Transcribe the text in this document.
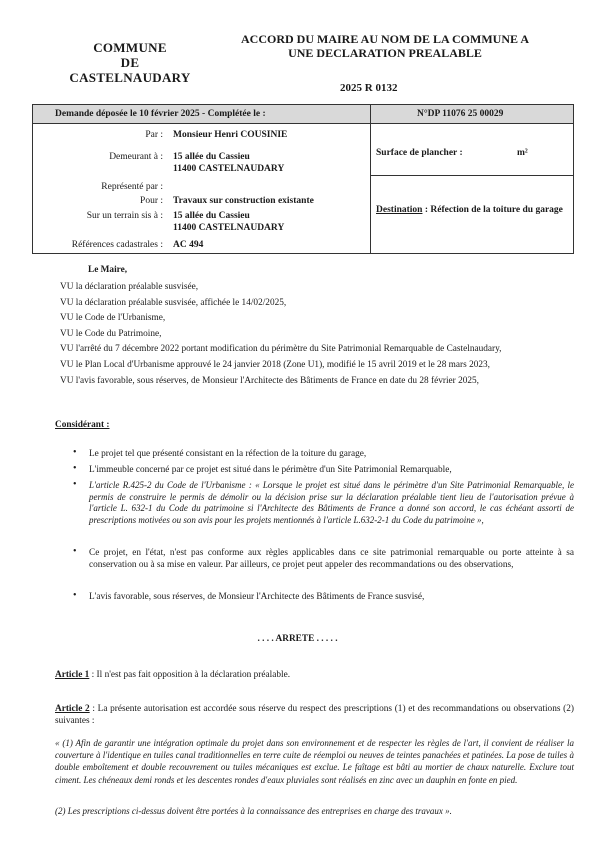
COMMUNE
DE
CASTELNAUDARY
ACCORD DU MAIRE AU NOM DE LA COMMUNE A
UNE DECLARATION PREALABLE
2025 R 0132
Demande déposée le 10 février 2025 - Complétée le :	N°DP 11076 25 00029
Par : Monsieur Henri COUSINIE
Demeurant à : 15 allée du Cassieu
11400 CASTELNAUDARY
Représenté par :
Pour : Travaux sur construction existante
Sur un terrain sis à : 15 allée du Cassieu
11400 CASTELNAUDARY
Références cadastrales : AC 494
Surface de plancher :	m²
Destination : Réfection de la toiture du garage
Le Maire,
VU la déclaration préalable susvisée,
VU la déclaration préalable susvisée, affichée le 14/02/2025,
VU le Code de l'Urbanisme,
VU le Code du Patrimoine,
VU l'arrêté du 7 décembre 2022 portant modification du périmètre du Site Patrimonial Remarquable de Castelnaudary,
VU le Plan Local d'Urbanisme approuvé le 24 janvier 2018 (Zone U1), modifié le 15 avril 2019 et le 28 mars 2023,
VU l'avis favorable, sous réserves, de Monsieur l'Architecte des Bâtiments de France en date du 28 février 2025,
Considérant :
• Le projet tel que présenté consistant en la réfection de la toiture du garage,
• L'immeuble concerné par ce projet est situé dans le périmètre d'un Site Patrimonial Remarquable,
• L'article R.425-2 du Code de l'Urbanisme : « Lorsque le projet est situé dans le périmètre d'un Site Patrimonial Remarquable, le permis de construire le permis de démolir ou la décision prise sur la déclaration préalable tient lieu de l'autorisation prévue à l'article L. 632-1 du Code du patrimoine si l'Architecte des Bâtiments de France a donné son accord, le cas échéant assorti de prescriptions motivées ou son avis pour les projets mentionnés à l'article L.632-2-1 du Code du patrimoine »,
• Ce projet, en l'état, n'est pas conforme aux règles applicables dans ce site patrimonial remarquable ou porte atteinte à sa conservation ou à sa mise en valeur. Par ailleurs, ce projet peut appeler des recommandations ou des observations,
• L'avis favorable, sous réserves, de Monsieur l'Architecte des Bâtiments de France susvisé,
. . . . ARRETE . . . . .
Article 1 : Il n'est pas fait opposition à la déclaration préalable.
Article 2 : La présente autorisation est accordée sous réserve du respect des prescriptions (1) et des recommandations ou observations (2) suivantes :
« (1) Afin de garantir une intégration optimale du projet dans son environnement et de respecter les règles de l'art, il convient de réaliser la couverture à l'identique en tuiles canal traditionnelles en terre cuite de réemploi ou neuves de teintes panachées et patinées. La pose de tuiles à double emboîtement et double recouvrement ou tuiles mécaniques est exclue. Le faîtage est bâti au mortier de chaux naturelle. Exclure tout ciment. Les chéneaux demi ronds et les descentes rondes d'eaux pluviales sont réalisés en zinc avec un dauphin en fonte en pied.
(2) Les prescriptions ci-dessus doivent être portées à la connaissance des entreprises en charge des travaux ».
